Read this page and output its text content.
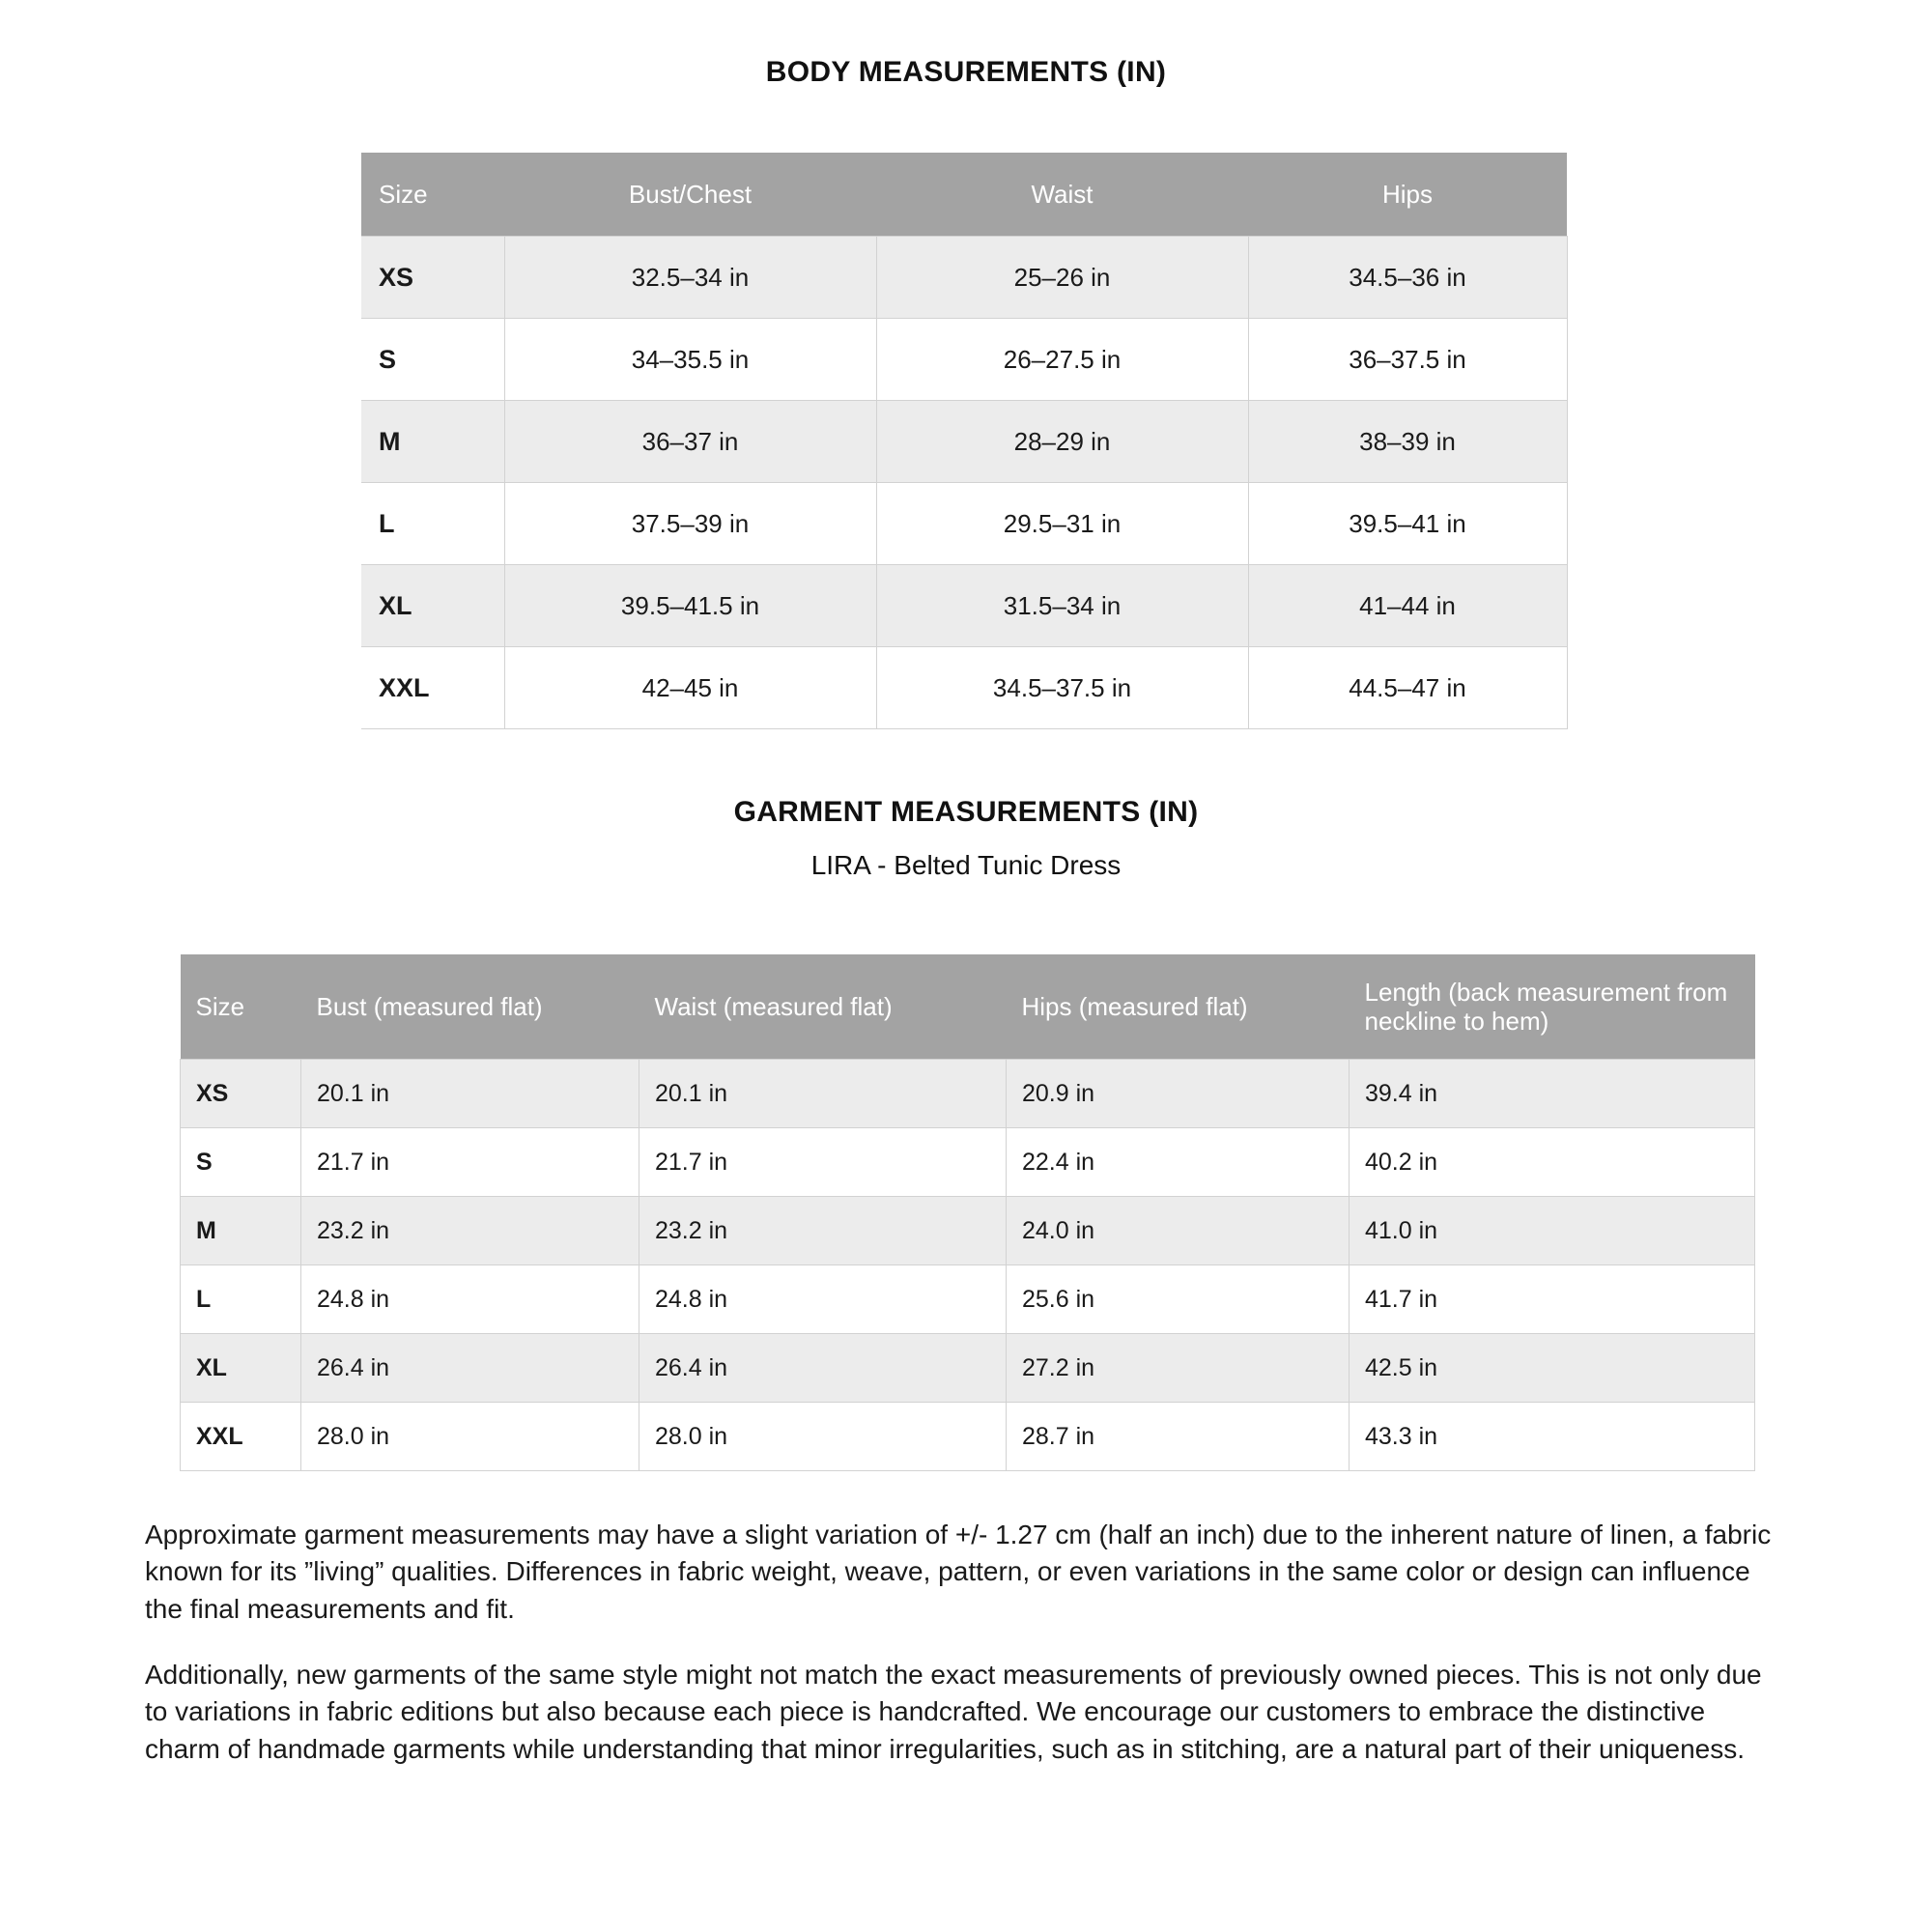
BODY MEASUREMENTS (IN)
Size	Bust/Chest	Waist	Hips
XS	32.5–34 in	25–26 in	34.5–36 in
S	34–35.5 in	26–27.5 in	36–37.5 in
M	36–37 in	28–29 in	38–39 in
L	37.5–39 in	29.5–31 in	39.5–41 in
XL	39.5–41.5 in	31.5–34 in	41–44 in
XXL	42–45 in	34.5–37.5 in	44.5–47 in
GARMENT MEASUREMENTS (IN)
LIRA - Belted Tunic Dress
Size	Bust (measured flat)	Waist (measured flat)	Hips (measured flat)	Length (back measurement from neckline to hem)
XS	20.1 in	20.1 in	20.9 in	39.4 in
S	21.7 in	21.7 in	22.4 in	40.2 in
M	23.2 in	23.2 in	24.0 in	41.0 in
L	24.8 in	24.8 in	25.6 in	41.7 in
XL	26.4 in	26.4 in	27.2 in	42.5 in
XXL	28.0 in	28.0 in	28.7 in	43.3 in

Approximate garment measurements may have a slight variation of +/- 1.27 cm (half an inch) due to the inherent nature of linen, a fabric known for its ”living” qualities. Differences in fabric weight, weave, pattern, or even variations in the same color or design can influence the final measurements and fit.

Additionally, new garments of the same style might not match the exact measurements of previously owned pieces. This is not only due to variations in fabric editions but also because each piece is handcrafted. We encourage our customers to embrace the distinctive charm of handmade garments while understanding that minor irregularities, such as in stitching, are a natural part of their uniqueness.
